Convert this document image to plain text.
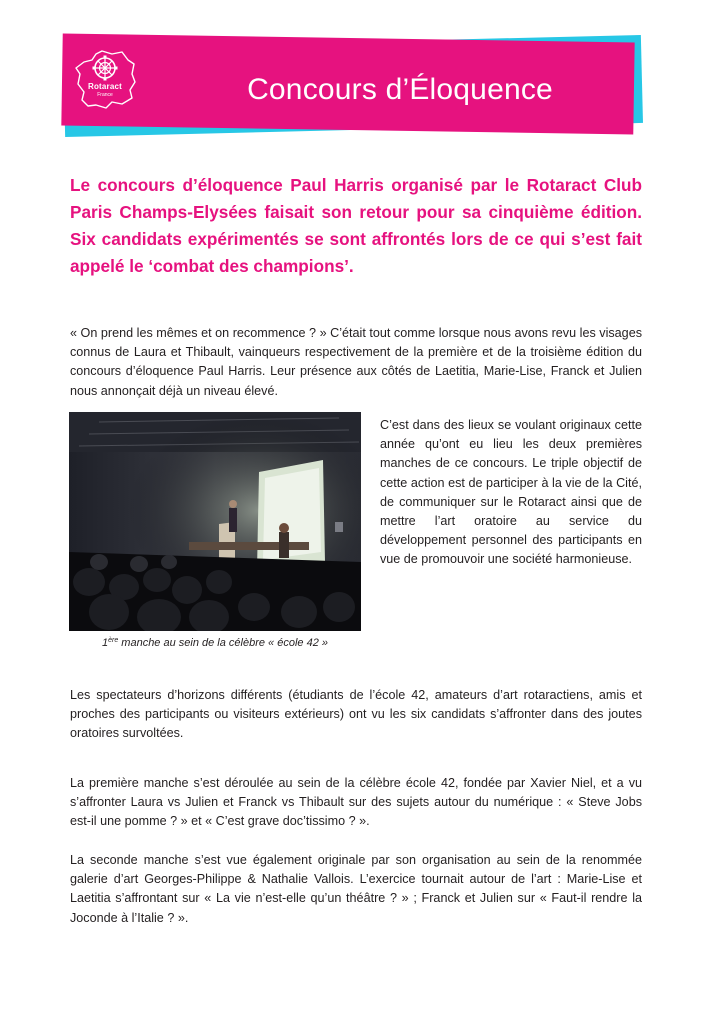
Rotaract
France	Concours d’Éloquence
Le concours d’éloquence Paul Harris organisé par le Rotaract Club Paris Champs-Elysées faisait son retour pour sa cinquième édition. Six candidats expérimentés se sont affrontés lors de ce qui s’est fait appelé le ‘combat des champions’.
« On prend les mêmes et on recommence ? » C’était tout comme lorsque nous avons revu les visages connus de Laura et Thibault, vainqueurs respectivement de la première et de la troisième édition du concours d’éloquence Paul Harris. Leur présence aux côtés de Laetitia, Marie-Lise, Franck et Julien nous annonçait déjà un niveau élevé.
1ère manche au sein de la célèbre « école 42 »
C’est dans des lieux se voulant originaux cette année qu’ont eu lieu les deux premières manches de ce concours. Le triple objectif de cette action est de participer à la vie de la Cité, de communiquer sur le Rotaract ainsi que de mettre l’art oratoire au service du développement personnel des participants en vue de promouvoir une société harmonieuse.
Les spectateurs d’horizons différents (étudiants de l’école 42, amateurs d’art rotaractiens, amis et proches des participants ou visiteurs extérieurs) ont vu les six candidats s’affronter dans des joutes oratoires survoltées.
La première manche s’est déroulée au sein de la célèbre école 42, fondée par Xavier Niel, et a vu s’affronter Laura vs Julien et Franck vs Thibault sur des sujets autour du numérique : « Steve Jobs est-il une pomme ? » et « C’est grave doc’tissimo ? ».
La seconde manche s’est vue également originale par son organisation au sein de la renommée galerie d’art Georges-Philippe & Nathalie Vallois. L’exercice tournait autour de l’art : Marie-Lise et Laetitia s’affrontant sur « La vie n’est-elle qu’un théâtre ? » ; Franck et Julien sur « Faut-il rendre la Joconde à l’Italie ? ».
